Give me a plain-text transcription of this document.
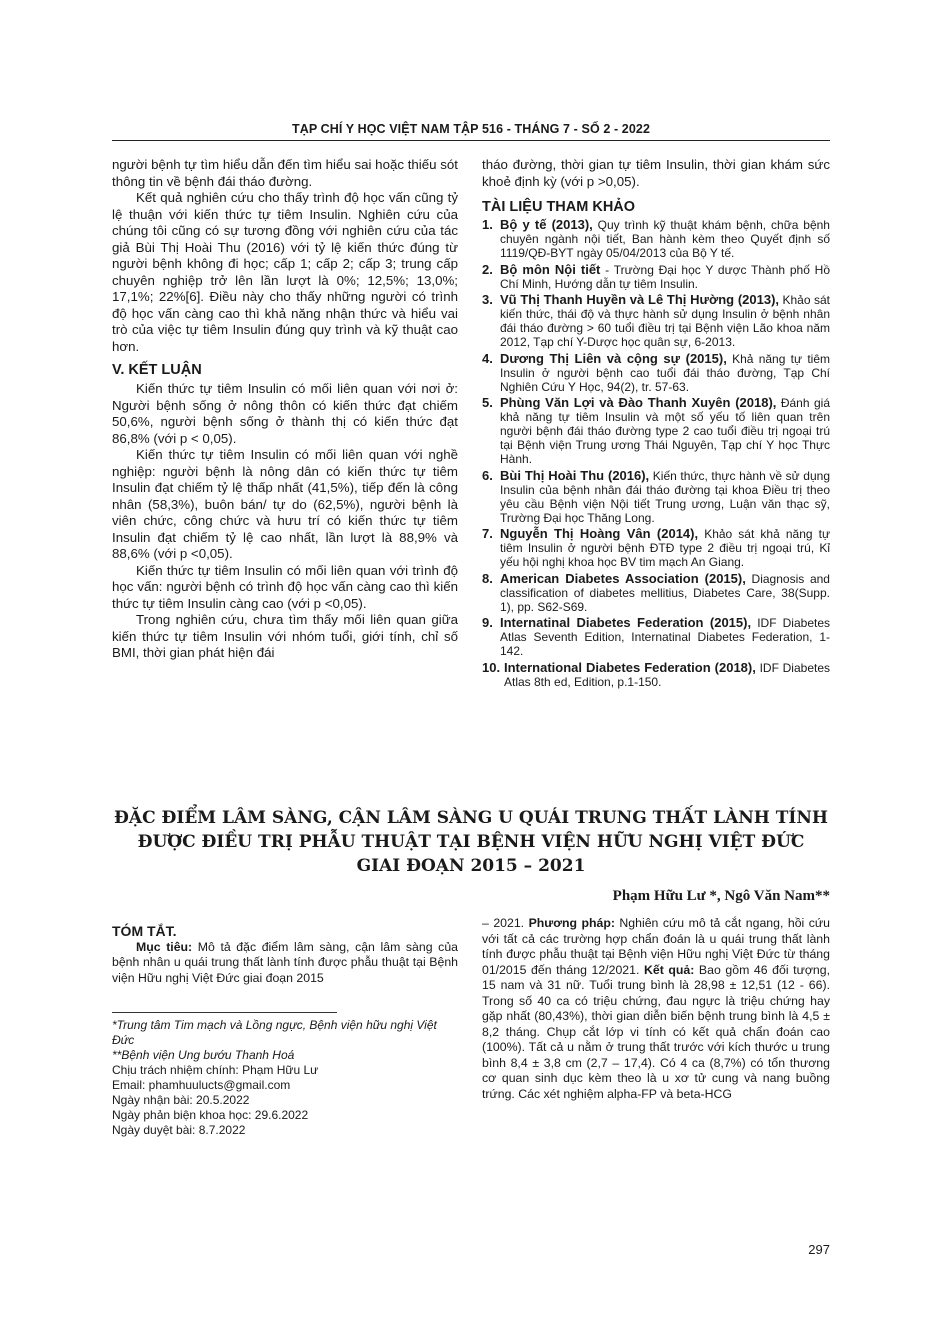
TẠP CHÍ Y HỌC VIỆT NAM TẬP 516 - THÁNG 7 - SỐ 2 - 2022

người bệnh tự tìm hiểu dẫn đến tìm hiểu sai hoặc thiếu sót thông tin về bệnh đái tháo đường.

Kết quả nghiên cứu cho thấy trình độ học vấn cũng tỷ lệ thuận với kiến thức tự tiêm Insulin. Nghiên cứu của chúng tôi cũng có sự tương đồng với nghiên cứu của tác giả Bùi Thị Hoài Thu (2016) với tỷ lệ kiến thức đúng từ người bệnh không đi học; cấp 1; cấp 2; cấp 3; trung cấp chuyên nghiệp trở lên lần lượt là 0%; 12,5%; 13,0%; 17,1%; 22%[6]. Điều này cho thấy những người có trình độ học vấn càng cao thì khả năng nhận thức và hiểu vai trò của việc tự tiêm Insulin đúng quy trình và kỹ thuật cao hơn.

V. KẾT LUẬN

Kiến thức tự tiêm Insulin có mối liên quan với nơi ở: Người bệnh sống ở nông thôn có kiến thức đạt chiếm 50,6%, người bệnh sống ở thành thị có kiến thức đạt 86,8% (với p < 0,05).

Kiến thức tự tiêm Insulin có mối liên quan với nghề nghiệp: người bệnh là nông dân có kiến thức tự tiêm Insulin đạt chiếm tỷ lệ thấp nhất (41,5%), tiếp đến là công nhân (58,3%), buôn bán/ tự do (62,5%), người bệnh là viên chức, công chức và hưu trí có kiến thức tự tiêm Insulin đạt chiếm tỷ lệ cao nhất, lần lượt là 88,9% và 88,6% (với p <0,05).

Kiến thức tự tiêm Insulin có mối liên quan với trình độ học vấn: người bệnh có trình độ học vấn càng cao thì kiến thức tự tiêm Insulin càng cao (với p <0,05).

Trong nghiên cứu, chưa tìm thấy mối liên quan giữa kiến thức tự tiêm Insulin với nhóm tuổi, giới tính, chỉ số BMI, thời gian phát hiện đái

tháo đường, thời gian tự tiêm Insulin, thời gian khám sức khoẻ định kỳ (với p >0,05).

TÀI LIỆU THAM KHẢO
1. Bộ y tế (2013), Quy trình kỹ thuật khám bệnh, chữa bệnh chuyên ngành nội tiết, Ban hành kèm theo Quyết định số 1119/QĐ-BYT ngày 05/04/2013 của Bộ Y tế.
2. Bộ môn Nội tiết - Trường Đại học Y dược Thành phố Hồ Chí Minh, Hướng dẫn tự tiêm Insulin.
3. Vũ Thị Thanh Huyền và Lê Thị Hường (2013), Khảo sát kiến thức, thái độ và thực hành sử dụng Insulin ở bệnh nhân đái tháo đường > 60 tuổi điều trị tại Bệnh viện Lão khoa năm 2012, Tạp chí Y-Dược học quân sự, 6-2013.
4. Dương Thị Liên và cộng sự (2015), Khả năng tự tiêm Insulin ở người bệnh cao tuổi đái tháo đường, Tạp Chí Nghiên Cứu Y Học, 94(2), tr. 57-63.
5. Phùng Văn Lợi và Đào Thanh Xuyên (2018), Đánh giá khả năng tự tiêm Insulin và một số yếu tố liên quan trên người bệnh đái tháo đường type 2 cao tuổi điều trị ngoại trú tại Bệnh viện Trung ương Thái Nguyên, Tạp chí Y học Thực Hành.
6. Bùi Thị Hoài Thu (2016), Kiến thức, thực hành về sử dụng Insulin của bệnh nhân đái tháo đường tại khoa Điều trị theo yêu cầu Bệnh viện Nội tiết Trung ương, Luận văn thạc sỹ, Trường Đại học Thăng Long.
7. Nguyễn Thị Hoàng Vân (2014), Khảo sát khả năng tự tiêm Insulin ở người bệnh ĐTĐ type 2 điều trị ngoại trú, Kỉ yếu hội nghị khoa học BV tim mạch An Giang.
8. American Diabetes Association (2015), Diagnosis and classification of diabetes mellitius, Diabetes Care, 38(Supp. 1), pp. S62-S69.
9. Internatinal Diabetes Federation (2015), IDF Diabetes Atlas Seventh Edition, Internatinal Diabetes Federation, 1-142.
10. International Diabetes Federation (2018), IDF Diabetes Atlas 8th ed, Edition, p.1-150.
ĐẶC ĐIỂM LÂM SÀNG, CẬN LÂM SÀNG U QUÁI TRUNG THẤT LÀNH TÍNH
ĐƯỢC ĐIỀU TRỊ PHẪU THUẬT TẠI BỆNH VIỆN HỮU NGHỊ VIỆT ĐỨC
GIAI ĐOẠN 2015 – 2021
Phạm Hữu Lư *, Ngô Văn Nam**

TÓM TẮT.

Mục tiêu: Mô tả đặc điểm lâm sàng, cận lâm sàng của bệnh nhân u quái trung thất lành tính được phẫu thuật tại Bệnh viện Hữu nghị Việt Đức giai đoạn 2015

*Trung tâm Tim mạch và Lồng ngực, Bệnh viện hữu nghị Việt Đức
**Bệnh viện Ung bướu Thanh Hoá
Chịu trách nhiệm chính: Phạm Hữu Lư
Email: phamhuulucts@gmail.com
Ngày nhận bài: 20.5.2022
Ngày phản biện khoa học: 29.6.2022
Ngày duyệt bài: 8.7.2022

– 2021. Phương pháp: Nghiên cứu mô tả cắt ngang, hồi cứu với tất cả các trường hợp chẩn đoán là u quái trung thất lành tính được phẫu thuật tại Bệnh viện Hữu nghị Việt Đức từ tháng 01/2015 đến tháng 12/2021. Kết quả: Bao gồm 46 đối tượng, 15 nam và 31 nữ. Tuổi trung bình là 28,98 ± 12,51 (12 - 66). Trong số 40 ca có triệu chứng, đau ngực là triệu chứng hay gặp nhất (80,43%), thời gian diễn biến bệnh trung bình là 4,5 ± 8,2 tháng. Chụp cắt lớp vi tính có kết quả chẩn đoán cao (100%). Tất cả u nằm ở trung thất trước với kích thước u trung bình 8,4 ± 3,8 cm (2,7 – 17,4). Có 4 ca (8,7%) có tổn thương cơ quan sinh dục kèm theo là u xơ tử cung và nang buồng trứng. Các xét nghiệm alpha-FP và beta-HCG

297
